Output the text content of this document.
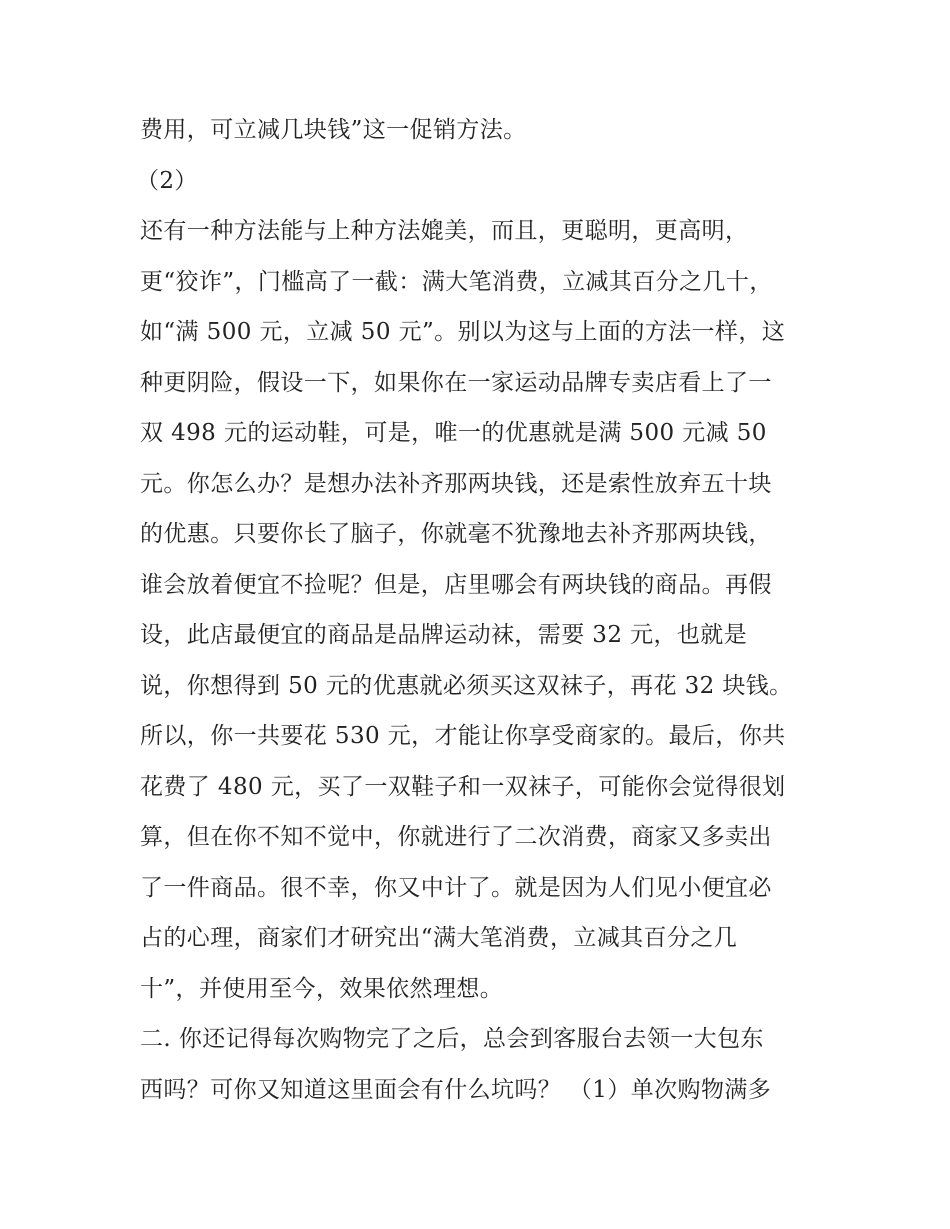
费用，可立减几块钱”这一促销方法。
（2）
还有一种方法能与上种方法媲美，而且，更聪明，更高明，
更“狡诈”，门槛高了一截：满大笔消费，立减其百分之几十，
如“满 500 元，立减 50 元”。别以为这与上面的方法一样，这
种更阴险，假设一下，如果你在一家运动品牌专卖店看上了一
双 498 元的运动鞋，可是，唯一的优惠就是满 500 元减 50
元。你怎么办？是想办法补齐那两块钱，还是索性放弃五十块
的优惠。只要你长了脑子，你就毫不犹豫地去补齐那两块钱，
谁会放着便宜不捡呢？但是，店里哪会有两块钱的商品。再假
设，此店最便宜的商品是品牌运动袜，需要 32 元，也就是
说，你想得到 50 元的优惠就必须买这双袜子，再花 32 块钱。
所以，你一共要花 530 元，才能让你享受商家的。最后，你共
花费了 480 元，买了一双鞋子和一双袜子，可能你会觉得很划
算，但在你不知不觉中，你就进行了二次消费，商家又多卖出
了一件商品。很不幸，你又中计了。就是因为人们见小便宜必
占的心理，商家们才研究出“满大笔消费，立减其百分之几
十”，并使用至今，效果依然理想。
二. 你还记得每次购物完了之后，总会到客服台去领一大包东
西吗？可你又知道这里面会有什么坑吗？ （1）单次购物满多
